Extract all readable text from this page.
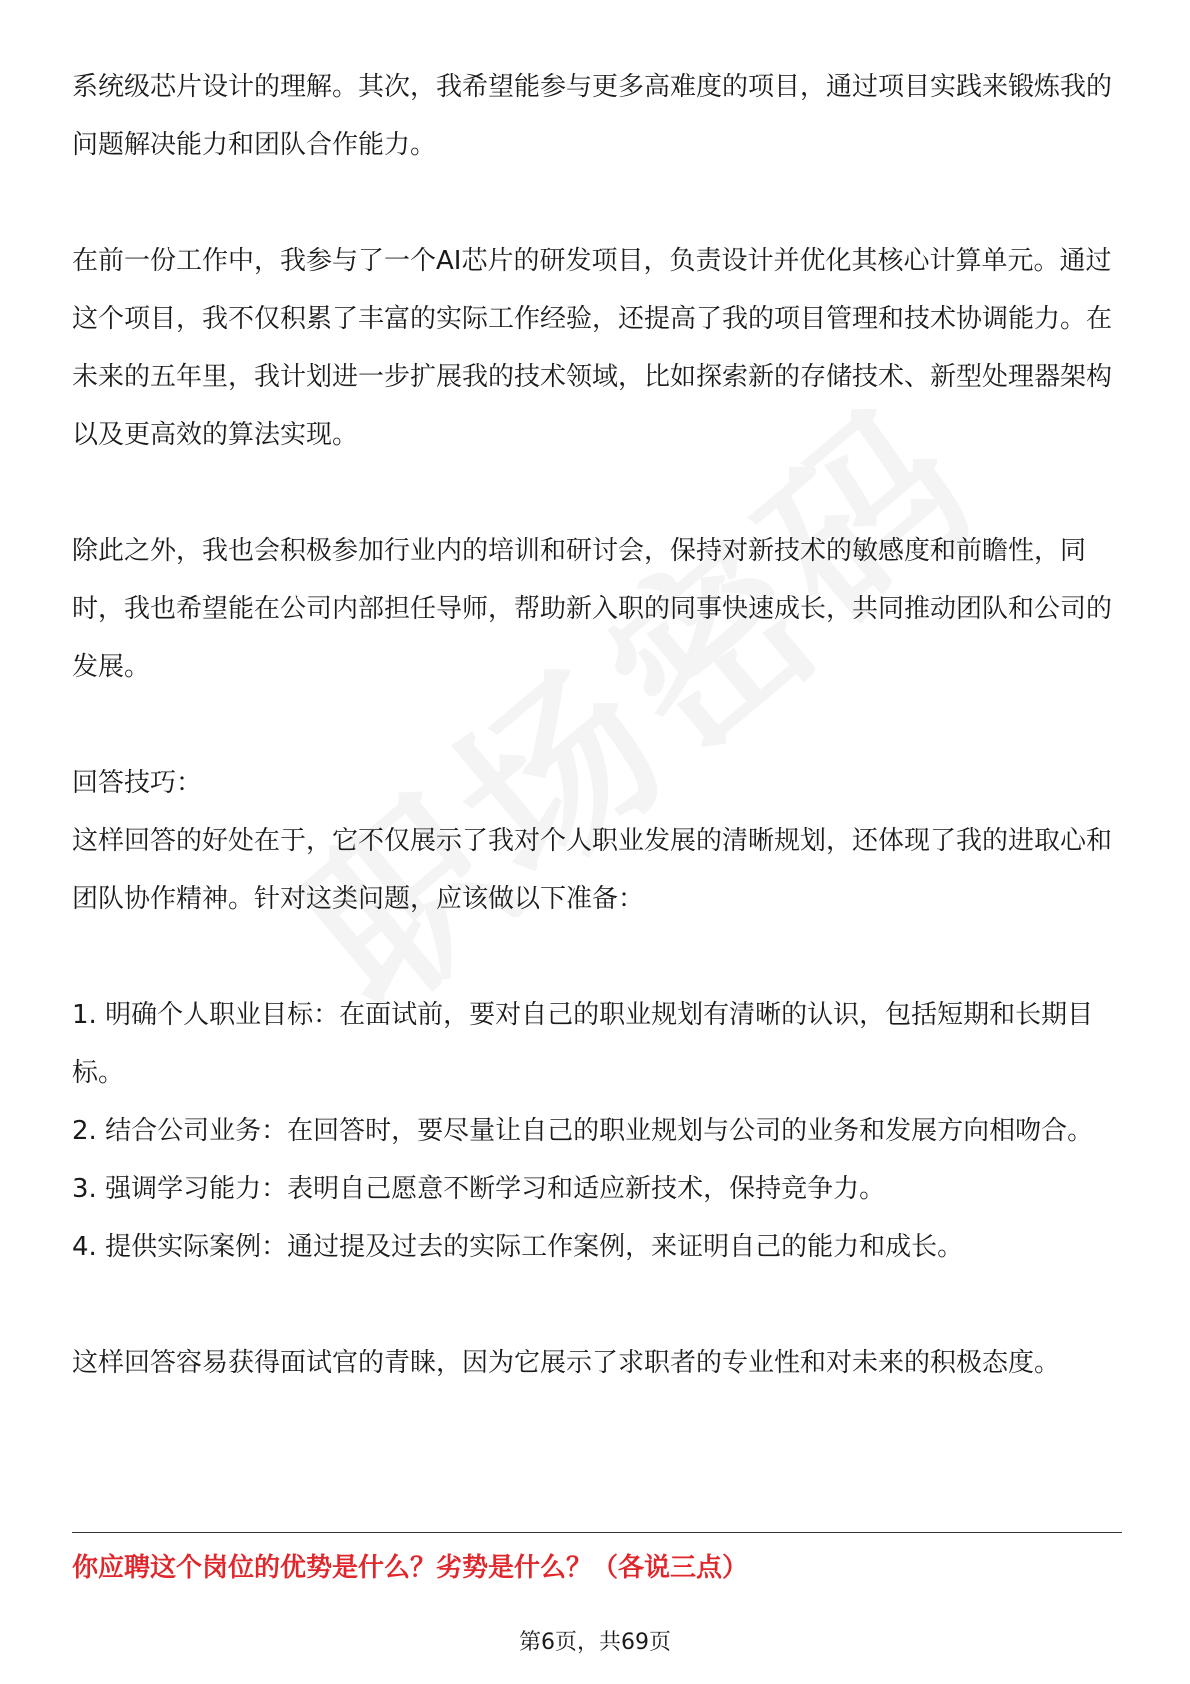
系统级芯片设计的理解。其次，我希望能参与更多高难度的项目，通过项目实践来锻炼我的问题解决能力和团队合作能力。

在前一份工作中，我参与了一个AI芯片的研发项目，负责设计并优化其核心计算单元。通过这个项目，我不仅积累了丰富的实际工作经验，还提高了我的项目管理和技术协调能力。在未来的五年里，我计划进一步扩展我的技术领域，比如探索新的存储技术、新型处理器架构以及更高效的算法实现。

除此之外，我也会积极参加行业内的培训和研讨会，保持对新技术的敏感度和前瞻性，同时，我也希望能在公司内部担任导师，帮助新入职的同事快速成长，共同推动团队和公司的发展。

回答技巧：

这样回答的好处在于，它不仅展示了我对个人职业发展的清晰规划，还体现了我的进取心和团队协作精神。针对这类问题，应该做以下准备：

1. 明确个人职业目标：在面试前，要对自己的职业规划有清晰的认识，包括短期和长期目标。

2. 结合公司业务：在回答时，要尽量让自己的职业规划与公司的业务和发展方向相吻合。

3. 强调学习能力：表明自己愿意不断学习和适应新技术，保持竞争力。

4. 提供实际案例：通过提及过去的实际工作案例，来证明自己的能力和成长。

这样回答容易获得面试官的青睐，因为它展示了求职者的专业性和对未来的积极态度。

你应聘这个岗位的优势是什么？劣势是什么？（各说三点）
第6页，共69页
